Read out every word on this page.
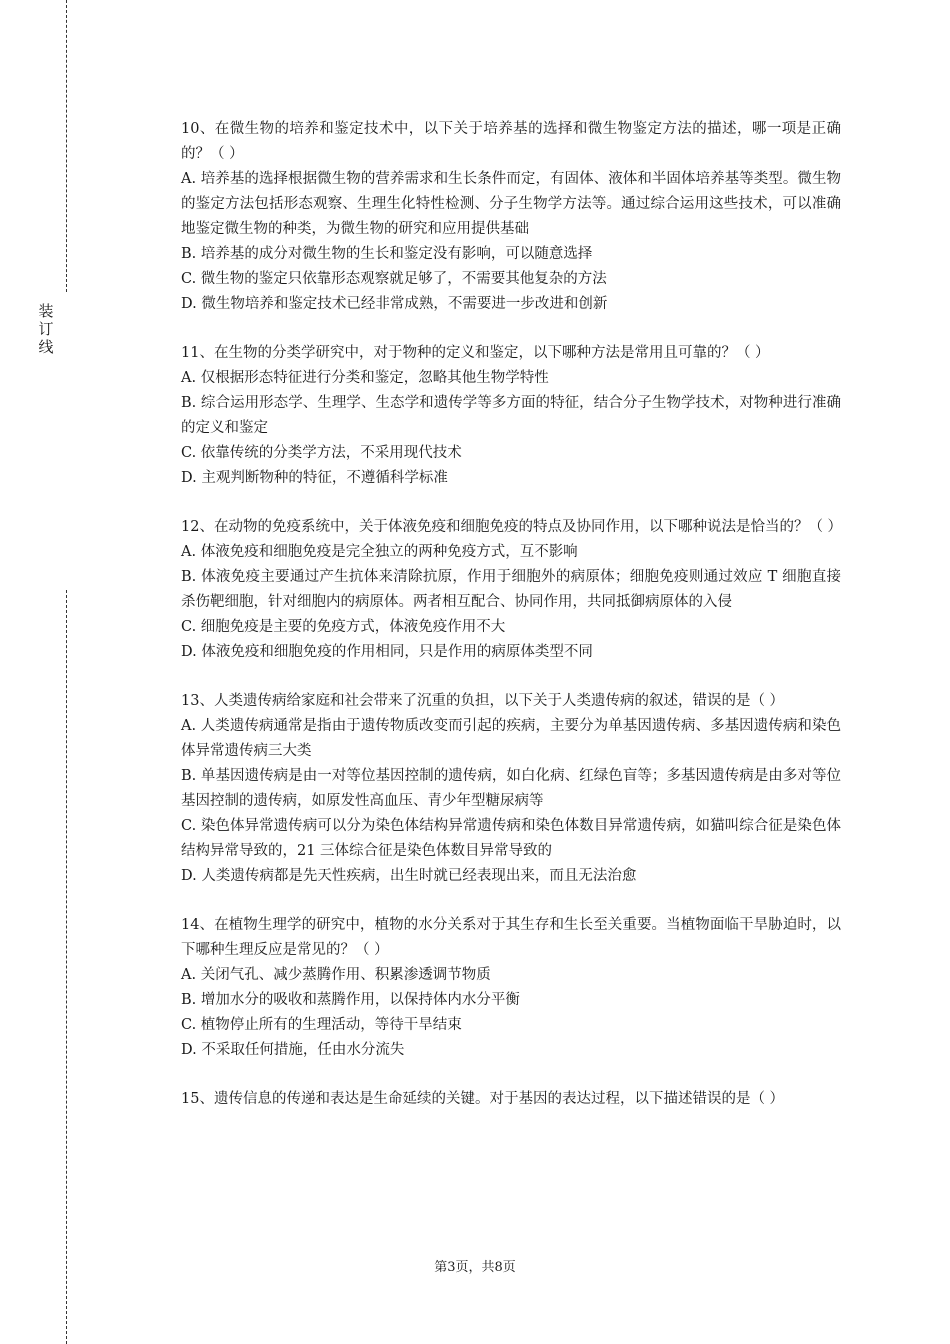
装
订
线

10、在微生物的培养和鉴定技术中，以下关于培养基的选择和微生物鉴定方法的描述，哪一项是正确的？（ ）

A. 培养基的选择根据微生物的营养需求和生长条件而定，有固体、液体和半固体培养基等类型。微生物的鉴定方法包括形态观察、生理生化特性检测、分子生物学方法等。通过综合运用这些技术，可以准确地鉴定微生物的种类，为微生物的研究和应用提供基础

B. 培养基的成分对微生物的生长和鉴定没有影响，可以随意选择

C. 微生物的鉴定只依靠形态观察就足够了，不需要其他复杂的方法

D. 微生物培养和鉴定技术已经非常成熟，不需要进一步改进和创新

11、在生物的分类学研究中，对于物种的定义和鉴定，以下哪种方法是常用且可靠的？（ ）

A. 仅根据形态特征进行分类和鉴定，忽略其他生物学特性

B. 综合运用形态学、生理学、生态学和遗传学等多方面的特征，结合分子生物学技术，对物种进行准确的定义和鉴定

C. 依靠传统的分类学方法，不采用现代技术

D. 主观判断物种的特征，不遵循科学标准

12、在动物的免疫系统中，关于体液免疫和细胞免疫的特点及协同作用，以下哪种说法是恰当的？（ ）

A. 体液免疫和细胞免疫是完全独立的两种免疫方式，互不影响

B. 体液免疫主要通过产生抗体来清除抗原，作用于细胞外的病原体；细胞免疫则通过效应 T 细胞直接杀伤靶细胞，针对细胞内的病原体。两者相互配合、协同作用，共同抵御病原体的入侵

C. 细胞免疫是主要的免疫方式，体液免疫作用不大

D. 体液免疫和细胞免疫的作用相同，只是作用的病原体类型不同

13、人类遗传病给家庭和社会带来了沉重的负担，以下关于人类遗传病的叙述，错误的是（ ）

A. 人类遗传病通常是指由于遗传物质改变而引起的疾病，主要分为单基因遗传病、多基因遗传病和染色体异常遗传病三大类

B. 单基因遗传病是由一对等位基因控制的遗传病，如白化病、红绿色盲等；多基因遗传病是由多对等位基因控制的遗传病，如原发性高血压、青少年型糖尿病等

C. 染色体异常遗传病可以分为染色体结构异常遗传病和染色体数目异常遗传病，如猫叫综合征是染色体结构异常导致的，21 三体综合征是染色体数目异常导致的

D. 人类遗传病都是先天性疾病，出生时就已经表现出来，而且无法治愈

14、在植物生理学的研究中，植物的水分关系对于其生存和生长至关重要。当植物面临干旱胁迫时，以下哪种生理反应是常见的？（ ）

A. 关闭气孔、减少蒸腾作用、积累渗透调节物质

B. 增加水分的吸收和蒸腾作用，以保持体内水分平衡

C. 植物停止所有的生理活动，等待干旱结束

D. 不采取任何措施，任由水分流失

15、遗传信息的传递和表达是生命延续的关键。对于基因的表达过程，以下描述错误的是（ ）

第3页，共8页
